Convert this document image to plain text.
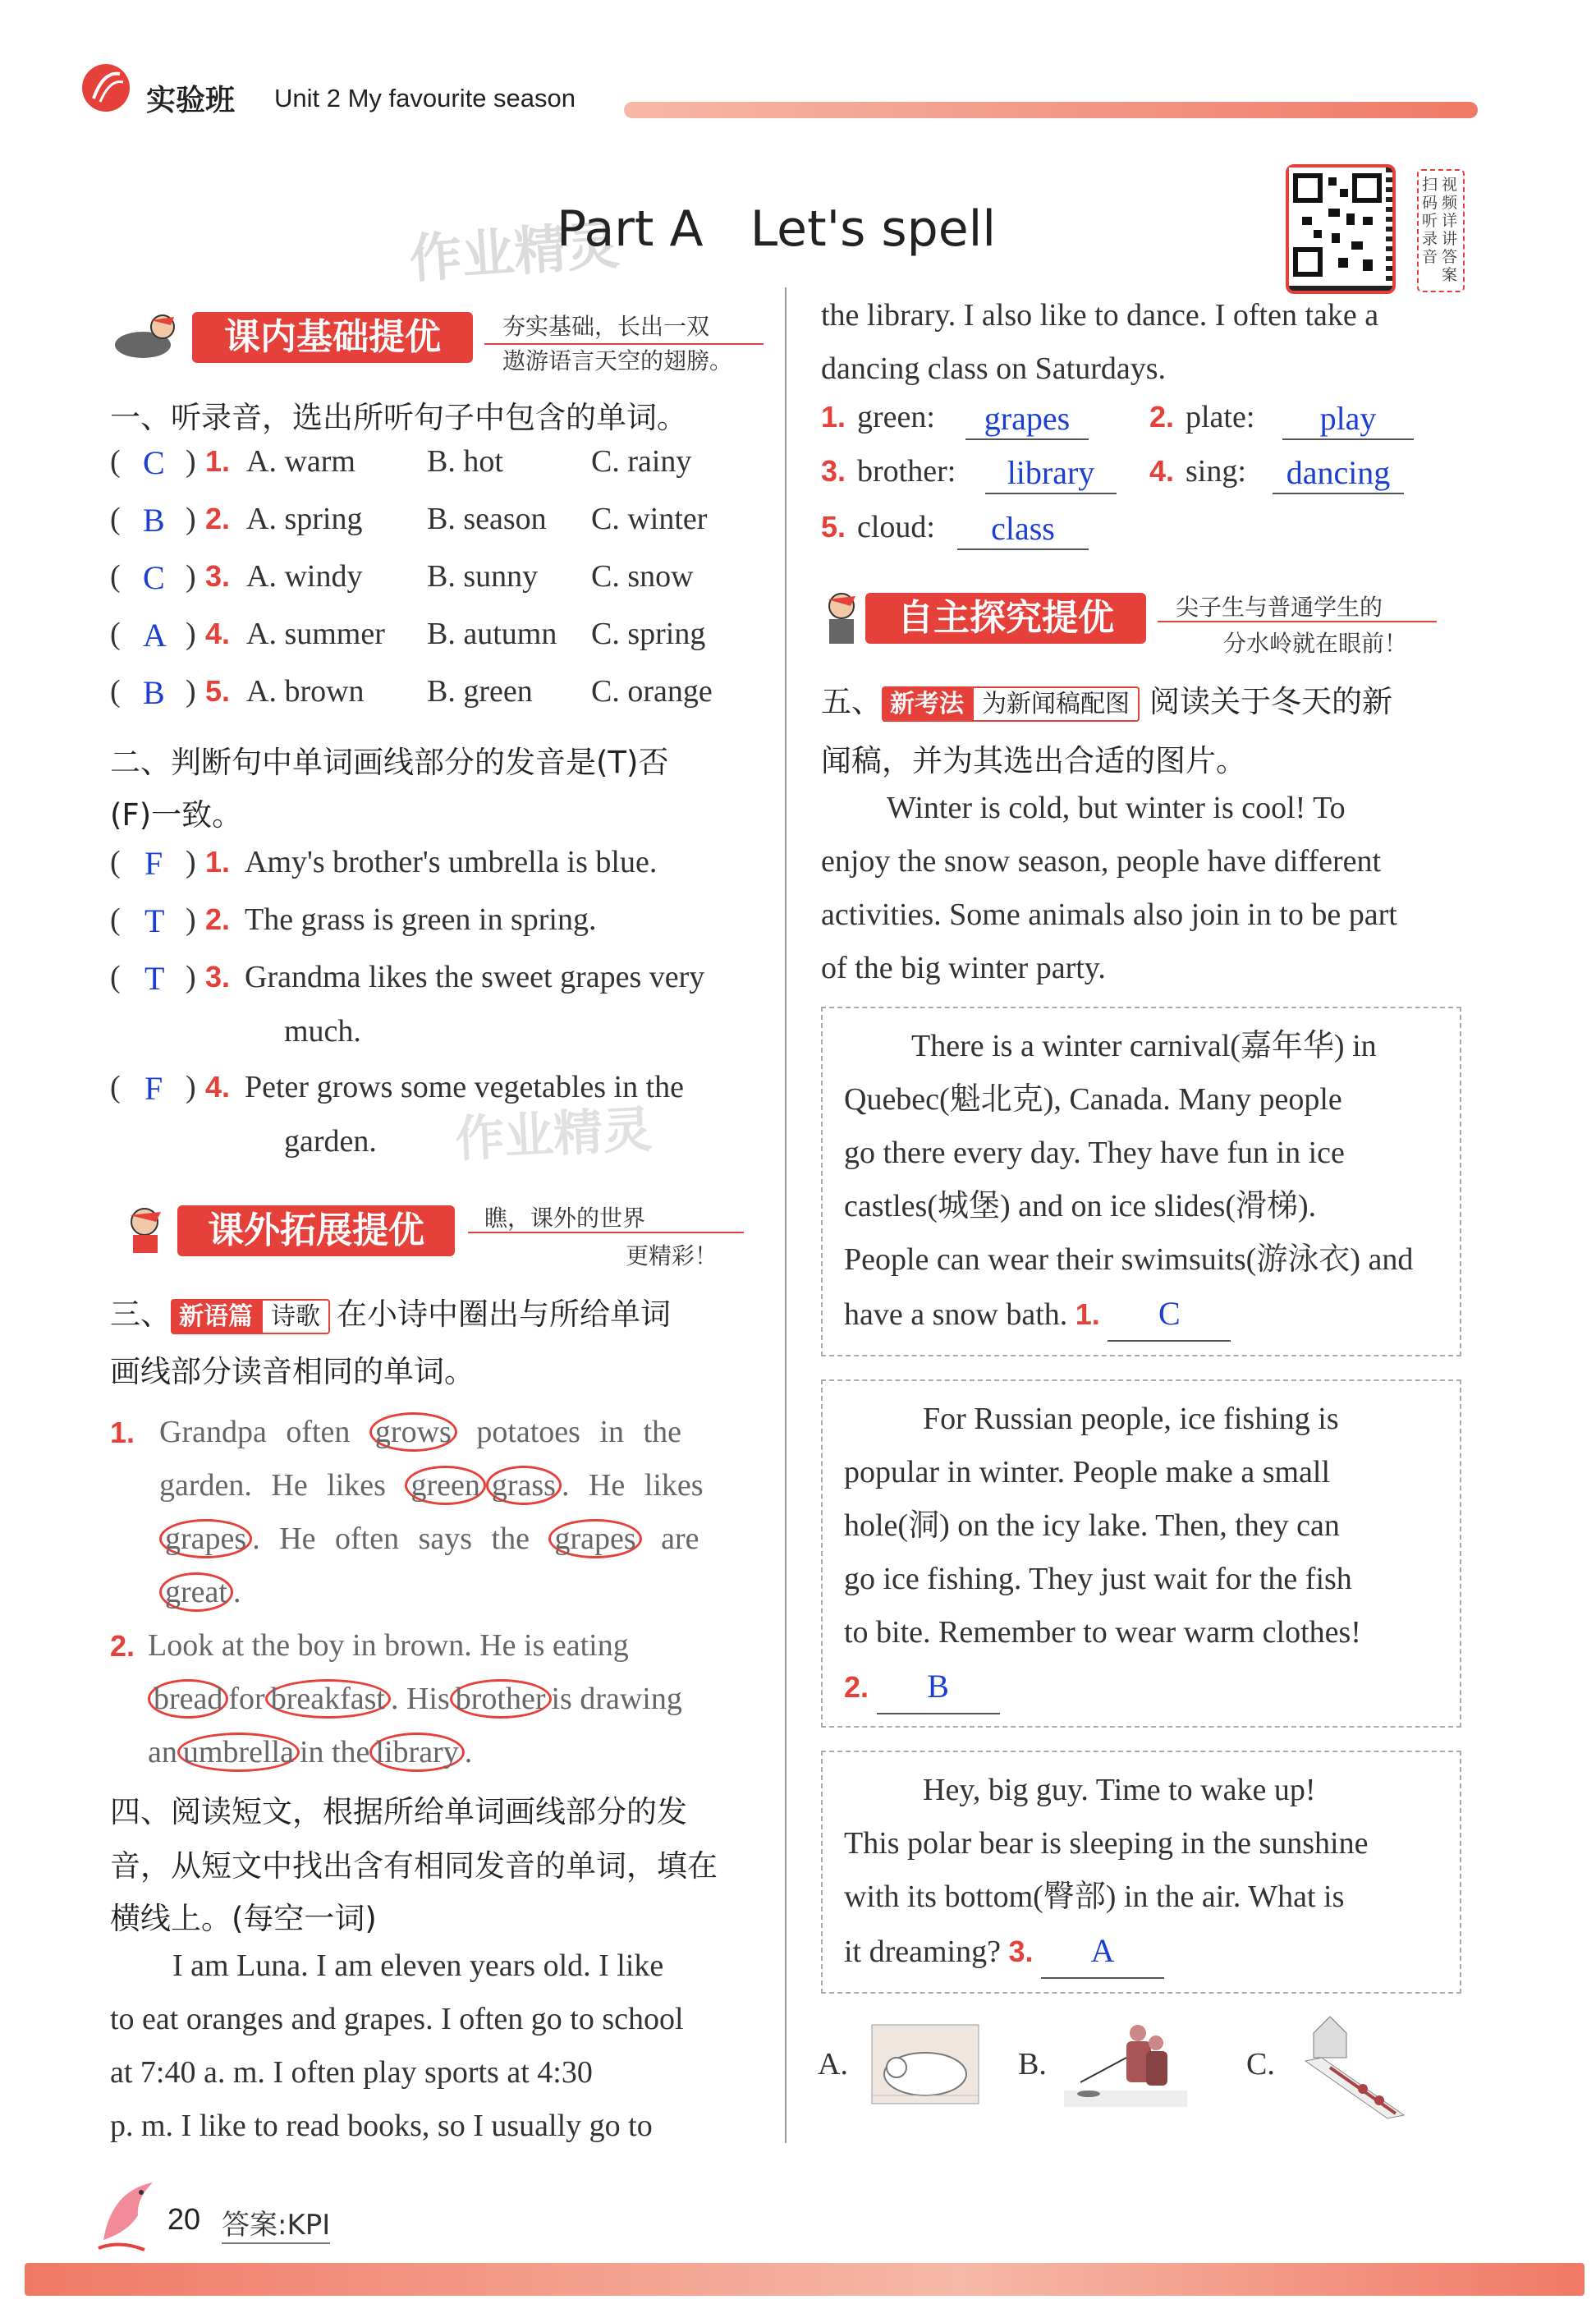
实验班 Unit 2 My favourite season
作业精灵
Part A   Let's spell
扫码听录音
视频详讲答案
课内基础提优	夯实基础，长出一双
遨游语言天空的翅膀。
一、听录音，选出所听句子中包含的单词。
( C ) 1. A. warm B. hot	C. rainy
( B ) 2. A. spring B. season C. winter
( C ) 3. A. windy B. sunny C. snow
( A ) 4. A. summer B. autumn C. spring
( B ) 5. A. brown B. green C. orange
二、判断句中单词画线部分的发音是(T)否
(F)一致。
( F ) 1. Amy's brother's umbrella is blue.
( T ) 2. The grass is green in spring.
( T ) 3. Grandma likes the sweet grapes very
much.
( F ) 4. Peter grows some vegetables in the
garden. 作业精灵
课外拓展提优	瞧，课外的世界
更精彩！
三、 新语篇 诗歌 在小诗中圈出与所给单词
画线部分读音相同的单词。
1. Grandpa often grows potatoes in the
garden. He likes green grass . He likes
grapes . He often says the grapes are
great .
2. Look at the boy in brown. He is eating
bread for breakfast . His brother is drawing
an umbrella in the library .
四、阅读短文，根据所给单词画线部分的发
音，从短文中找出含有相同发音的单词，填在
横线上。(每空一词)
I am Luna. I am eleven years old. I like
to eat oranges and grapes. I often go to school
at 7:40 a. m. I often play sports at 4:30
p. m. I like to read books, so I usually go to
the library. I also like to dance. I often take a
dancing class on Saturdays.
1. green:	grapes	2. plate:	play
3. brother:	library	4. sing:	dancing
5. cloud:	class
自主探究提优	尖子生与普通学生的
分水岭就在眼前！
五、 新考法 为新闻稿配图 阅读关于冬天的新
闻稿，并为其选出合适的图片。
Winter is cold, but winter is cool! To
enjoy the snow season, people have different
activities. Some animals also join in to be part
of the big winter party.
There is a winter carnival(嘉年华) in
Quebec(魁北克), Canada. Many people
go there every day. They have fun in ice
castles(城堡) and on ice slides(滑梯).
People can wear their swimsuits(游泳衣) and
have a snow bath. 1. C
For Russian people, ice fishing is
popular in winter. People make a small
hole(洞) on the icy lake. Then, they can
go ice fishing. They just wait for the fish
to bite. Remember to wear warm clothes!
2. B
Hey, big guy. Time to wake up!
This polar bear is sleeping in the sunshine
with its bottom(臀部) in the air. What is
it dreaming? 3. A
A.	B.	C.
20 答案:KPI
